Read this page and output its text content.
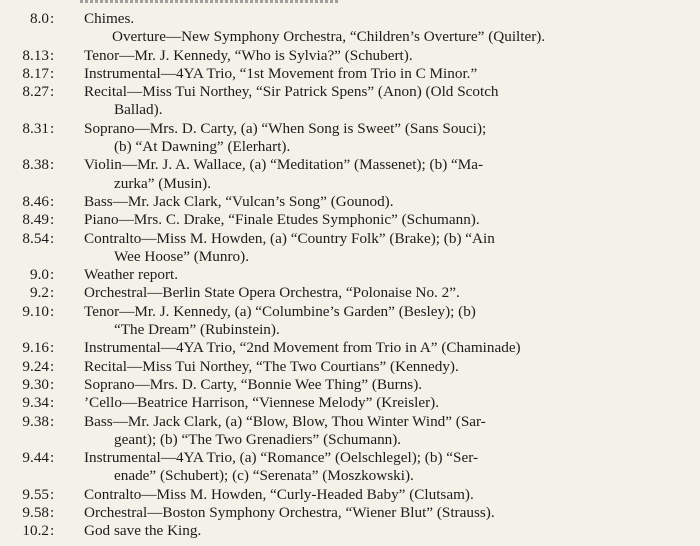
8.0 :	Chimes.
Overture—New Symphony Orchestra, “Children’s Overture” (Quilter).
8.13 :	Tenor—Mr. J. Kennedy, “Who is Sylvia?” (Schubert).
8.17 :	Instrumental—4YA Trio, “1st Movement from Trio in C Minor.”
8.27 :	Recital—Miss Tui Northey, “Sir Patrick Spens” (Anon) (Old Scotch
Ballad).
8.31 :	Soprano—Mrs. D. Carty, (a) “When Song is Sweet” (Sans Souci);
(b) “At Dawning” (Elerhart).
8.38 :	Violin—Mr. J. A. Wallace, (a) “Meditation” (Massenet); (b) “Ma-
zurka” (Musin).
8.46 :	Bass—Mr. Jack Clark, “Vulcan’s Song” (Gounod).
8.49 :	Piano—Mrs. C. Drake, “Finale Etudes Symphonic” (Schumann).
8.54 :	Contralto—Miss M. Howden, (a) “Country Folk” (Brake); (b) “Ain
Wee Hoose” (Munro).
9.0 :	Weather report.
9.2 :	Orchestral—Berlin State Opera Orchestra, “Polonaise No. 2”.
9.10 :	Tenor—Mr. J. Kennedy, (a) “Columbine’s Garden” (Besley); (b)
“The Dream” (Rubinstein).
9.16 :	Instrumental—4YA Trio, “2nd Movement from Trio in A” (Chaminade)
9.24 :	Recital—Miss Tui Northey, “The Two Courtians” (Kennedy).
9.30 :	Soprano—Mrs. D. Carty, “Bonnie Wee Thing” (Burns).
9.34 :	’Cello—Beatrice Harrison, “Viennese Melody” (Kreisler).
9.38 :	Bass—Mr. Jack Clark, (a) “Blow, Blow, Thou Winter Wind” (Sar-
geant); (b) “The Two Grenadiers” (Schumann).
9.44 :	Instrumental—4YA Trio, (a) “Romance” (Oelschlegel); (b) “Ser-
enade” (Schubert); (c) “Serenata” (Moszkowski).
9.55 :	Contralto—Miss M. Howden, “Curly-Headed Baby” (Clutsam).
9.58 :	Orchestral—Boston Symphony Orchestra, “Wiener Blut” (Strauss).
10.2 :	God save the King.
